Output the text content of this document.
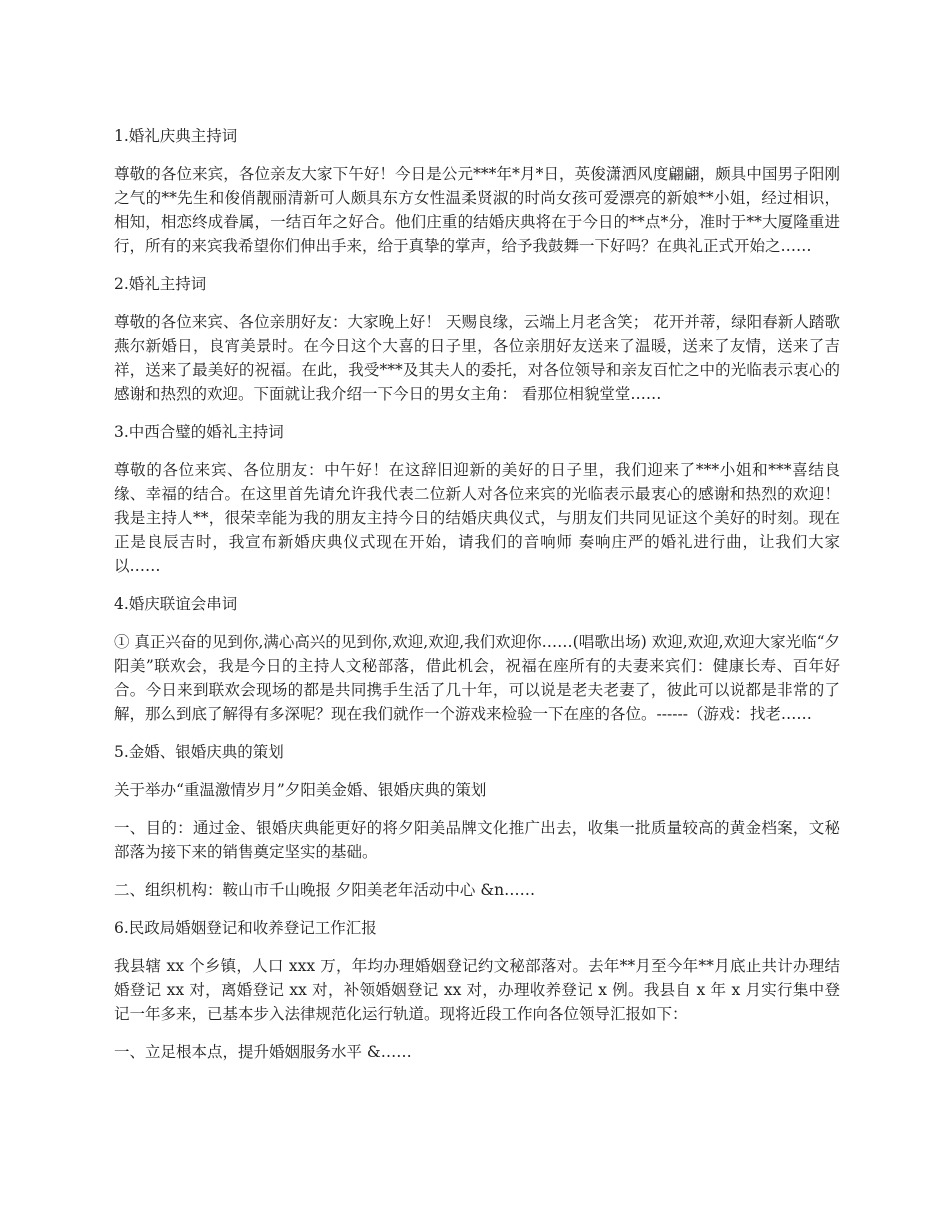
1.婚礼庆典主持词
尊敬的各位来宾，各位亲友大家下午好！今日是公元***年*月*日，英俊潇洒风度翩翩，颇具中国男子阳刚之气的**先生和俊俏靓丽清新可人颇具东方女性温柔贤淑的时尚女孩可爱漂亮的新娘**小姐，经过相识，相知，相恋终成眷属，一结百年之好合。他们庄重的结婚庆典将在于今日的**点*分，准时于**大厦隆重进行，所有的来宾我希望你们伸出手来，给于真挚的掌声，给予我鼓舞一下好吗？在典礼正式开始之……
2.婚礼主持词
尊敬的各位来宾、各位亲朋好友：大家晚上好！ 天赐良缘，云端上月老含笑； 花开并蒂，绿阳春新人踏歌燕尔新婚日，良宵美景时。在今日这个大喜的日子里，各位亲朋好友送来了温暖，送来了友情，送来了吉祥，送来了最美好的祝福。在此，我受***及其夫人的委托，对各位领导和亲友百忙之中的光临表示衷心的感谢和热烈的欢迎。下面就让我介绍一下今日的男女主角： 看那位相貌堂堂……
3.中西合璧的婚礼主持词
尊敬的各位来宾、各位朋友：中午好！在这辞旧迎新的美好的日子里，我们迎来了***小姐和***喜结良缘、幸福的结合。在这里首先请允许我代表二位新人对各位来宾的光临表示最衷心的感谢和热烈的欢迎！我是主持人**，很荣幸能为我的朋友主持今日的结婚庆典仪式，与朋友们共同见证这个美好的时刻。现在正是良辰吉时，我宣布新婚庆典仪式现在开始，请我们的音响师 奏响庄严的婚礼进行曲，让我们大家以……
4.婚庆联谊会串词
① 真正兴奋的见到你,满心高兴的见到你,欢迎,欢迎,我们欢迎你……(唱歌出场) 欢迎,欢迎,欢迎大家光临“夕阳美”联欢会，我是今日的主持人文秘部落，借此机会，祝福在座所有的夫妻来宾们：健康长寿、百年好合。今日来到联欢会现场的都是共同携手生活了几十年，可以说是老夫老妻了，彼此可以说都是非常的了解，那么到底了解得有多深呢？现在我们就作一个游戏来检验一下在座的各位。------（游戏：找老……
5.金婚、银婚庆典的策划
关于举办“重温激情岁月”夕阳美金婚、银婚庆典的策划
一、目的：通过金、银婚庆典能更好的将夕阳美品牌文化推广出去，收集一批质量较高的黄金档案，文秘部落为接下来的销售奠定坚实的基础。
二、组织机构：鞍山市千山晚报 夕阳美老年活动中心 &n……
6.民政局婚姻登记和收养登记工作汇报
我县辖 xx 个乡镇，人口 xxx 万，年均办理婚姻登记约文秘部落对。去年**月至今年**月底止共计办理结婚登记 xx 对，离婚登记 xx 对，补领婚姻登记 xx 对，办理收养登记 x 例。我县自 x 年 x 月实行集中登记一年多来，已基本步入法律规范化运行轨道。现将近段工作向各位领导汇报如下：
一、立足根本点，提升婚姻服务水平 &……
